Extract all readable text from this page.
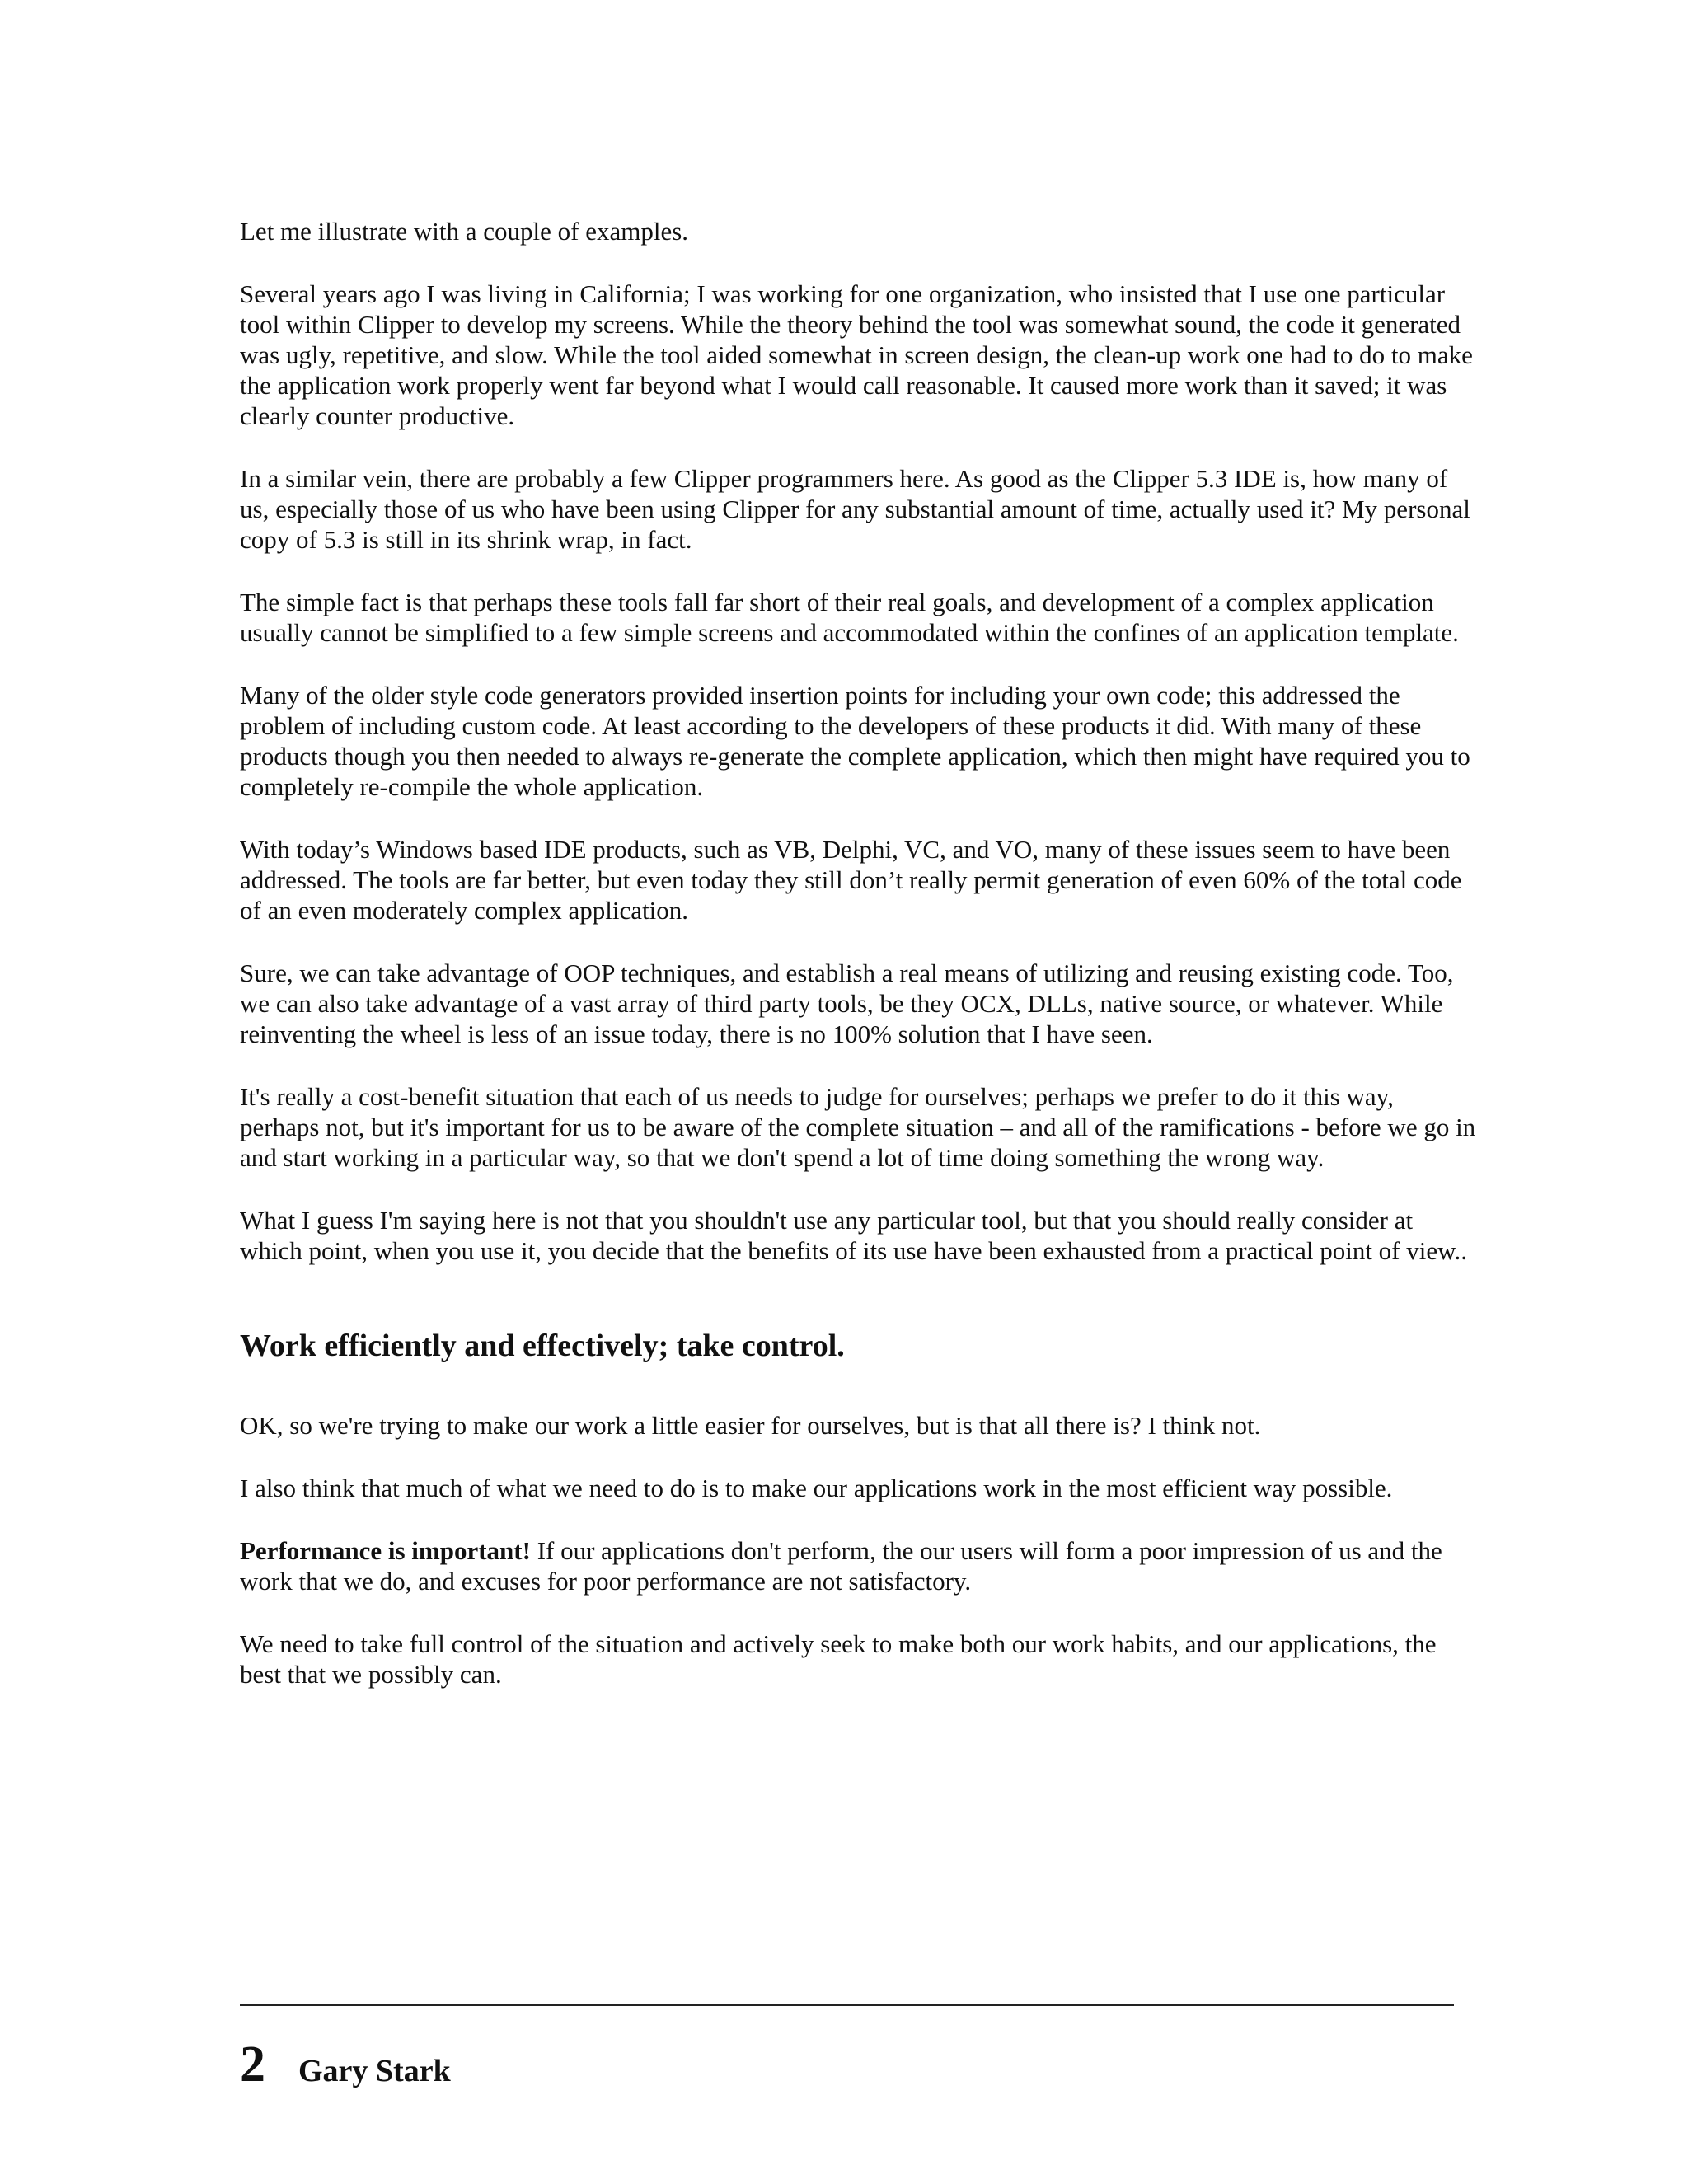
Let me illustrate with a couple of examples.

Several years ago I was living in California; I was working for one organization, who insisted that I use one particular tool within Clipper to develop my screens. While the theory behind the tool was somewhat sound, the code it generated was ugly, repetitive, and slow. While the tool aided somewhat in screen design, the clean-up work one had to do to make the application work properly went far beyond what I would call reasonable. It caused more work than it saved; it was clearly counter productive.

In a similar vein, there are probably a few Clipper programmers here. As good as the Clipper 5.3 IDE is, how many of us, especially those of us who have been using Clipper for any substantial amount of time, actually used it? My personal copy of 5.3 is still in its shrink wrap, in fact.

The simple fact is that perhaps these tools fall far short of their real goals, and development of a complex application usually cannot be simplified to a few simple screens and accommodated within the confines of an application template.

Many of the older style code generators provided insertion points for including your own code; this addressed the problem of including custom code. At least according to the developers of these products it did. With many of these products though you then needed to always re-generate the complete application, which then might have required you to completely re-compile the whole application.

With today’s Windows based IDE products, such as VB, Delphi, VC, and VO, many of these issues seem to have been addressed. The tools are far better, but even today they still don’t really permit generation of even 60% of the total code of an even moderately complex application.

Sure, we can take advantage of OOP techniques, and establish a real means of utilizing and reusing existing code. Too, we can also take advantage of a vast array of third party tools, be they OCX, DLLs, native source, or whatever. While reinventing the wheel is less of an issue today, there is no 100% solution that I have seen.

It's really a cost-benefit situation that each of us needs to judge for ourselves; perhaps we prefer to do it this way, perhaps not, but it's important for us to be aware of the complete situation – and all of the ramifications - before we go in and start working in a particular way, so that we don't spend a lot of time doing something the wrong way.

What I guess I'm saying here is not that you shouldn't use any particular tool, but that you should really consider at which point, when you use it, you decide that the benefits of its use have been exhausted from a practical point of view..

Work efficiently and effectively; take control.

OK, so we're trying to make our work a little easier for ourselves, but is that all there is? I think not.

I also think that much of what we need to do is to make our applications work in the most efficient way possible.

Performance is important! If our applications don't perform, the our users will form a poor impression of us and the work that we do, and excuses for poor performance are not satisfactory.

We need to take full control of the situation and actively seek to make both our work habits, and our applications, the best that we possibly can.

2 Gary Stark
